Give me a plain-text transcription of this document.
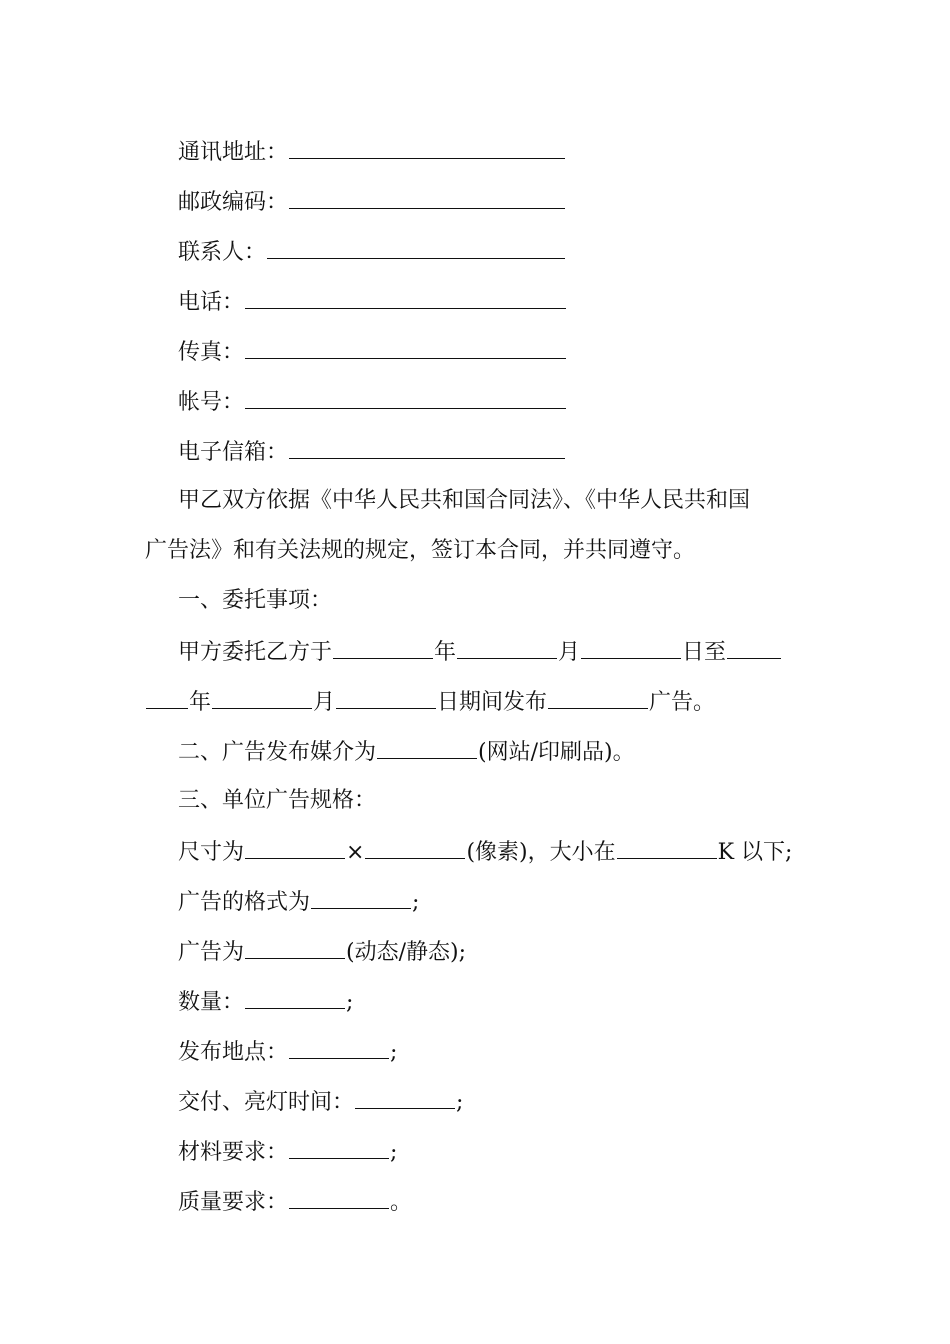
通讯地址：
邮政编码：
联系人：
电话：
传真：
帐号：
电子信箱：
甲乙双方依据《中华人民共和国合同法》、《中华人民共和国
广告法》和有关法规的规定，签订本合同，并共同遵守。
一、委托事项：
甲方委托乙方于	年	月	日至
年	月	日期间发布	广告。
二、广告发布媒介为	(网站/印刷品)。
三、单位广告规格：
尺寸为	×	(像素)，大小在	K 以下;
广告的格式为	;
广告为	(动态/静态);
数量：	;
发布地点：	;
交付、亮灯时间：	;
材料要求：	;
质量要求：	。
